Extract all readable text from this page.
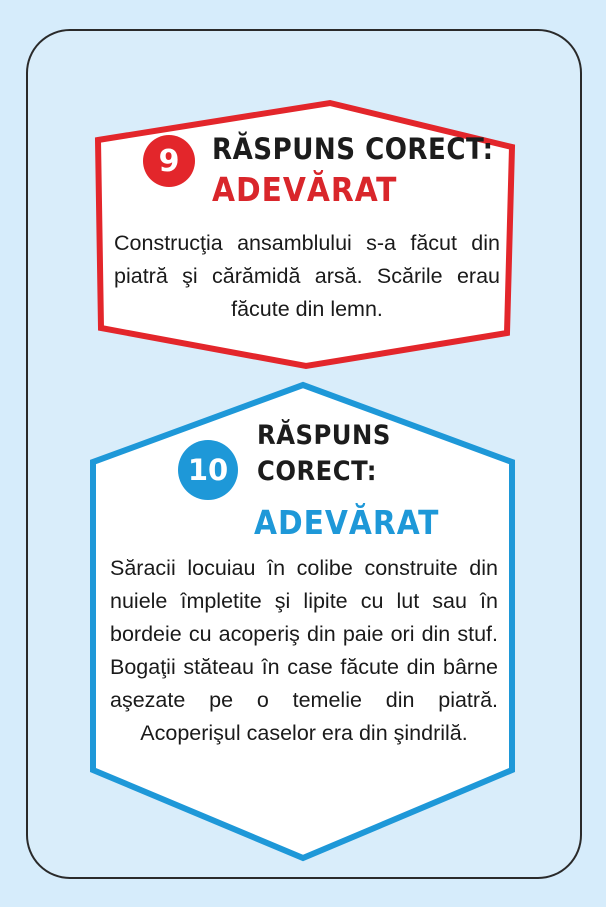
9	RĂSPUNS CORECT:
ADEVĂRAT
Construcţia ansamblului s-a făcut din piatră şi cărămidă arsă. Scările erau făcute din lemn.
10
RĂSPUNS
CORECT:
ADEVĂRAT
Săracii locuiau în colibe construite din nuiele împletite şi lipite cu lut sau în bordeie cu acoperiş din paie ori din stuf. Bogaţii stăteau în case făcute din bârne aşezate pe o temelie din piatră. Acoperişul caselor era din şindrilă.
